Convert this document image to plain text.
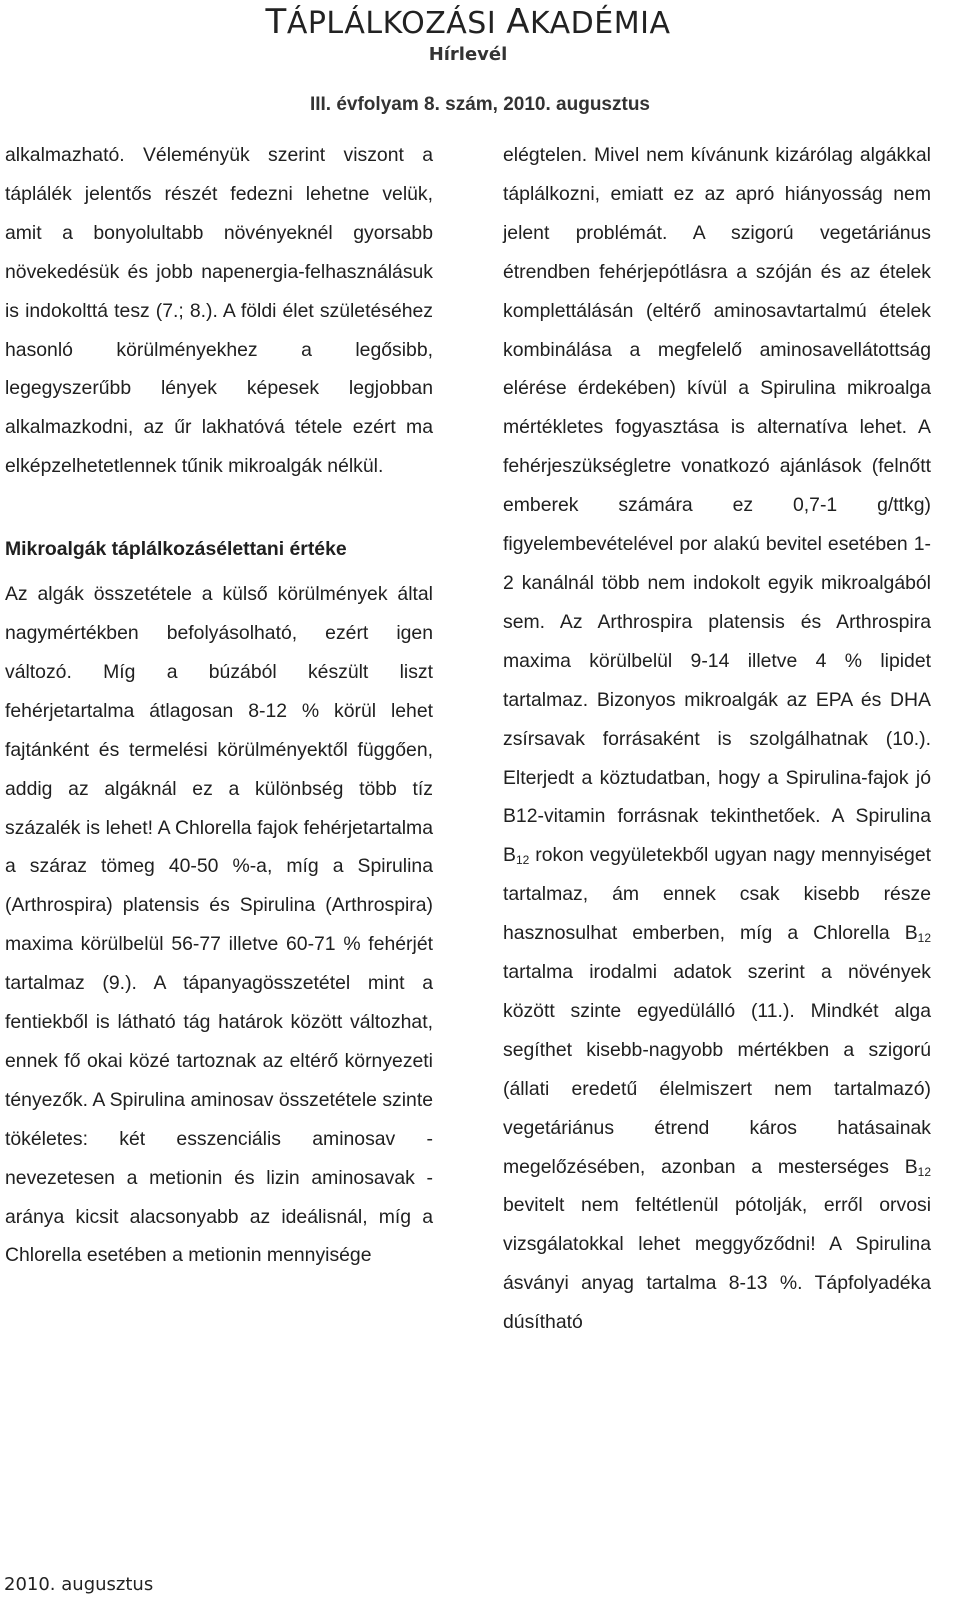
TÁPLÁLKOZÁSI AKADÉMIA
Hírlevél
III. évfolyam 8. szám, 2010. augusztus

alkalmazható. Véleményük szerint viszont a táplálék jelentős részét fedezni lehetne velük, amit a bonyolultabb növényeknél gyorsabb növekedésük és jobb napenergia-felhasználásuk is indokolttá tesz (7.; 8.). A földi élet születéséhez hasonló körülményekhez a legősibb, legegyszerűbb lények képesek legjobban alkalmazkodni, az űr lakhatóvá tétele ezért ma elképzelhetetlennek tűnik mikroalgák nélkül.

Mikroalgák táplálkozásélettani értéke

Az algák összetétele a külső körülmények által nagymértékben befolyásolható, ezért igen változó. Míg a búzából készült liszt fehérjetartalma átlagosan 8-12 % körül lehet fajtánként és termelési körülményektől függően, addig az algáknál ez a különbség több tíz százalék is lehet! A Chlorella fajok fehérjetartalma a száraz tömeg 40-50 %-a, míg a Spirulina (Arthrospira) platensis és Spirulina (Arthrospira) maxima körülbelül 56-77 illetve 60-71 % fehérjét tartalmaz (9.). A tápanyagösszetétel mint a fentiekből is látható tág határok között változhat, ennek fő okai közé tartoznak az eltérő környezeti tényezők. A Spirulina aminosav összetétele szinte tökéletes: két esszenciális aminosav - nevezetesen a metionin és lizin aminosavak - aránya kicsit alacsonyabb az ideálisnál, míg a Chlorella esetében a metionin mennyisége

elégtelen. Mivel nem kívánunk kizárólag algákkal táplálkozni, emiatt ez az apró hiányosság nem jelent problémát. A szigorú vegetáriánus étrendben fehérjepótlásra a szóján és az ételek komplettálásán (eltérő aminosavtartalmú ételek kombinálása a megfelelő aminosavellátottság elérése érdekében) kívül a Spirulina mikroalga mértékletes fogyasztása is alternatíva lehet. A fehérjeszükségletre vonatkozó ajánlások (felnőtt emberek számára ez 0,7-1 g/ttkg) figyelembevételével por alakú bevitel esetében 1-2 kanálnál több nem indokolt egyik mikroalgából sem. Az Arthrospira platensis és Arthrospira maxima körülbelül 9-14 illetve 4 % lipidet tartalmaz. Bizonyos mikroalgák az EPA és DHA zsírsavak forrásaként is szolgálhatnak (10.). Elterjedt a köztudatban, hogy a Spirulina-fajok jó B12-vitamin forrásnak tekinthetőek. A Spirulina $B_{12}$ rokon vegyületekből ugyan nagy mennyiséget tartalmaz, ám ennek csak kisebb része hasznosulhat emberben, míg a Chlorella $B_{12}$ tartalma irodalmi adatok szerint a növények között szinte egyedülálló (11.). Mindkét alga segíthet kisebb-nagyobb mértékben a szigorú (állati eredetű élelmiszert nem tartalmazó) vegetáriánus étrend káros hatásainak megelőzésében, azonban a mesterséges $B_{12}$ bevitelt nem feltétlenül pótolják, erről orvosi vizsgálatokkal lehet meggyőződni! A Spirulina ásványi anyag tartalma 8-13 %. Tápfolyadéka dúsítható

2010. augusztus
